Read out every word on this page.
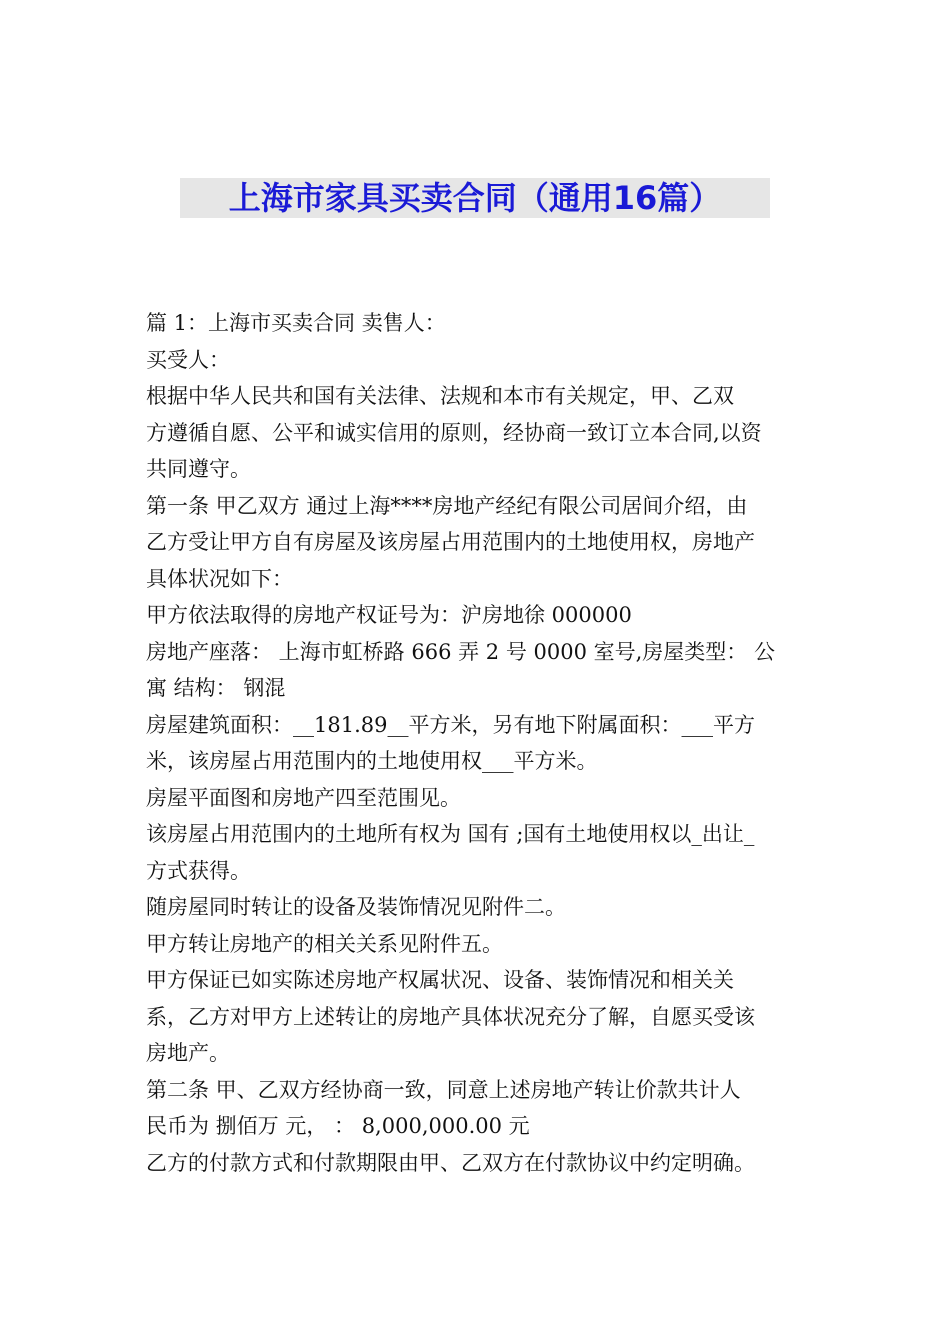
上海市家具买卖合同（通用16篇）
篇 1：上海市买卖合同 卖售人：
买受人：
根据中华人民共和国有关法律、法规和本市有关规定，甲、乙双
方遵循自愿、公平和诚实信用的原则，经协商一致订立本合同,以资
共同遵守。
第一条 甲乙双方 通过上海****房地产经纪有限公司居间介绍，由
乙方受让甲方自有房屋及该房屋占用范围内的土地使用权，房地产
具体状况如下：
甲方依法取得的房地产权证号为：沪房地徐 000000
房地产座落： 上海市虹桥路 666 弄 2 号 0000 室号,房屋类型： 公
寓 结构： 钢混
房屋建筑面积：__181.89__平方米，另有地下附属面积：___平方
米，该房屋占用范围内的土地使用权___平方米。
房屋平面图和房地产四至范围见。
该房屋占用范围内的土地所有权为 国有 ;国有土地使用权以_出让_
方式获得。
随房屋同时转让的设备及装饰情况见附件二。
甲方转让房地产的相关关系见附件五。
甲方保证已如实陈述房地产权属状况、设备、装饰情况和相关关
系，乙方对甲方上述转让的房地产具体状况充分了解，自愿买受该
房地产。
第二条 甲、乙双方经协商一致，同意上述房地产转让价款共计人
民币为 捌佰万 元， ： 8,000,000.00 元
乙方的付款方式和付款期限由甲、乙双方在付款协议中约定明确。
